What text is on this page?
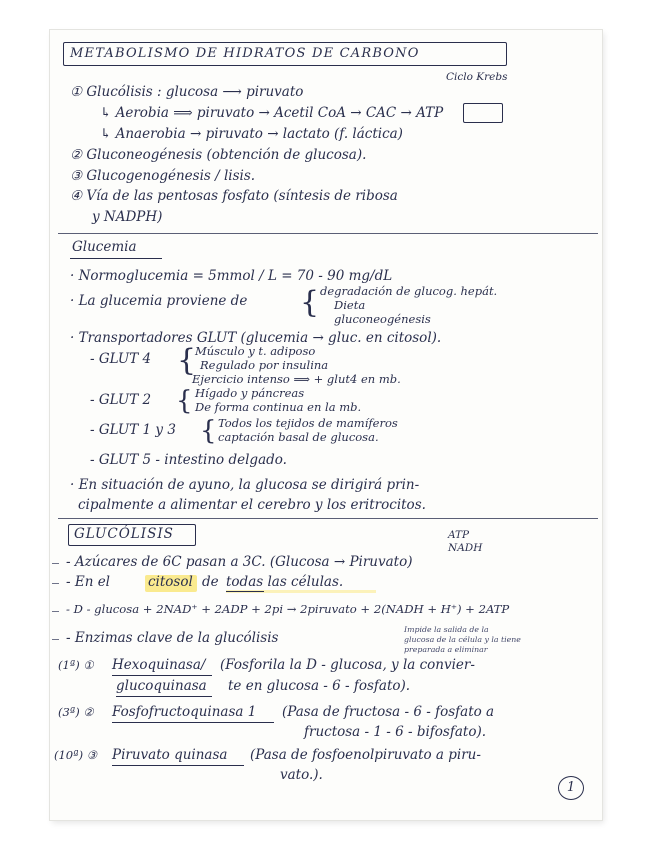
METABOLISMO DE HIDRATOS DE CARBONO
Ciclo Krebs
① Glucólisis : glucosa ⟶ piruvato
↳ Aerobia ⟹ piruvato → Acetil CoA → CAC → ATP
↳ Anaerobia → piruvato → lactato (f. láctica)
② Gluconeogénesis (obtención de glucosa).
③ Glucogenogénesis / lisis.
④ Vía de las pentosas fosfato (síntesis de ribosa
y NADPH)
Glucemia
· Normoglucemia = 5mmol / L = 70 - 90 mg/dL
· La glucemia proviene de { degradación de glucog. hepát.
Dieta
gluconeogénesis
· Transportadores GLUT (glucemia → gluc. en citosol).
- GLUT 4 {
Músculo y t. adiposo
Regulado por insulina
Ejercicio intenso ⟹ + glut4 en mb.
- GLUT 2 { Hígado y páncreas
De forma continua en la mb.
- GLUT 1 y 3 { Todos los tejidos de mamíferos
captación basal de glucosa.
- GLUT 5 - intestino delgado.
· En situación de ayuno, la glucosa se dirigirá prin-
cipalmente a alimentar el cerebro y los eritrocitos.
GLUCÓLISIS	ATP
NADH
- Azúcares de 6C pasan a 3C. (Glucosa → Piruvato)
- En el	citosol de todas las células.
- D - glucosa + 2NAD⁺ + 2ADP + 2pi → 2piruvato + 2(NADH + H⁺) + 2ATP
- Enzimas clave de la glucólisis
Impide la salida de la
glucosa de la célula y la tiene
preparada a eliminar
(1ª) ① Hexoquinasa/ (Fosforila la D - glucosa, y la convier-
glucoquinasa te en glucosa - 6 - fosfato).
(3ª) ② Fosfofructoquinasa 1 (Pasa de fructosa - 6 - fosfato a
fructosa - 1 - 6 - bifosfato).
(10ª) ③ Piruvato quinasa (Pasa de fosfoenolpiruvato a piru-
vato.).
1
